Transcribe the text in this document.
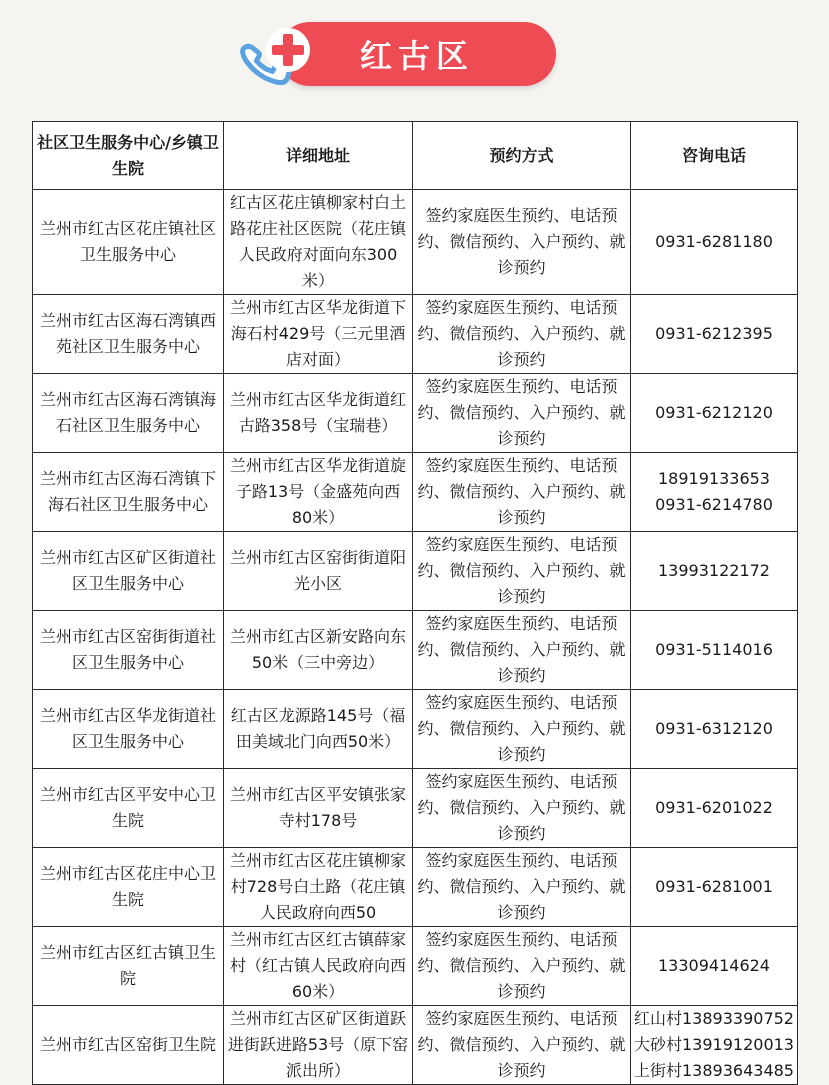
红古区
社区卫生服务中心/乡镇卫生院	详细地址	预约方式	咨询电话
兰州市红古区花庄镇社区卫生服务中心	红古区花庄镇柳家村白土路花庄社区医院（花庄镇人民政府对面向东300米）	签约家庭医生预约、电话预约、微信预约、入户预约、就诊预约	0931-6281180

兰州市红古区海石湾镇西苑社区卫生服务中心	兰州市红古区华龙街道下海石村429号（三元里酒店对面）	签约家庭医生预约、电话预约、微信预约、入户预约、就诊预约	0931-6212395

兰州市红古区海石湾镇海石社区卫生服务中心	兰州市红古区华龙街道红古路358号（宝瑞巷）	签约家庭医生预约、电话预约、微信预约、入户预约、就诊预约	0931-6212120

兰州市红古区海石湾镇下海石社区卫生服务中心	兰州市红古区华龙街道旋子路13号（金盛苑向西80米）	签约家庭医生预约、电话预约、微信预约、入户预约、就诊预约	18919133653
0931-6214780

兰州市红古区矿区街道社区卫生服务中心	兰州市红古区窑街街道阳光小区	签约家庭医生预约、电话预约、微信预约、入户预约、就诊预约	13993122172

兰州市红古区窑街街道社区卫生服务中心	兰州市红古区新安路向东50米（三中旁边）	签约家庭医生预约、电话预约、微信预约、入户预约、就诊预约	0931-5114016

兰州市红古区华龙街道社区卫生服务中心	红古区龙源路145号（福田美域北门向西50米）	签约家庭医生预约、电话预约、微信预约、入户预约、就诊预约	0931-6312120

兰州市红古区平安中心卫生院	兰州市红古区平安镇张家寺村178号	签约家庭医生预约、电话预约、微信预约、入户预约、就诊预约	0931-6201022

兰州市红古区花庄中心卫生院	兰州市红古区花庄镇柳家村728号白土路（花庄镇人民政府向西50	签约家庭医生预约、电话预约、微信预约、入户预约、就诊预约	0931-6281001

兰州市红古区红古镇卫生院	兰州市红古区红古镇薛家村（红古镇人民政府向西60米）	签约家庭医生预约、电话预约、微信预约、入户预约、就诊预约	13309414624

兰州市红古区窑街卫生院	兰州市红古区矿区街道跃进街跃进路53号（原下窑派出所）	签约家庭医生预约、电话预约、微信预约、入户预约、就诊预约	红山村13893390752
大砂村13919120013
上街村13893643485
